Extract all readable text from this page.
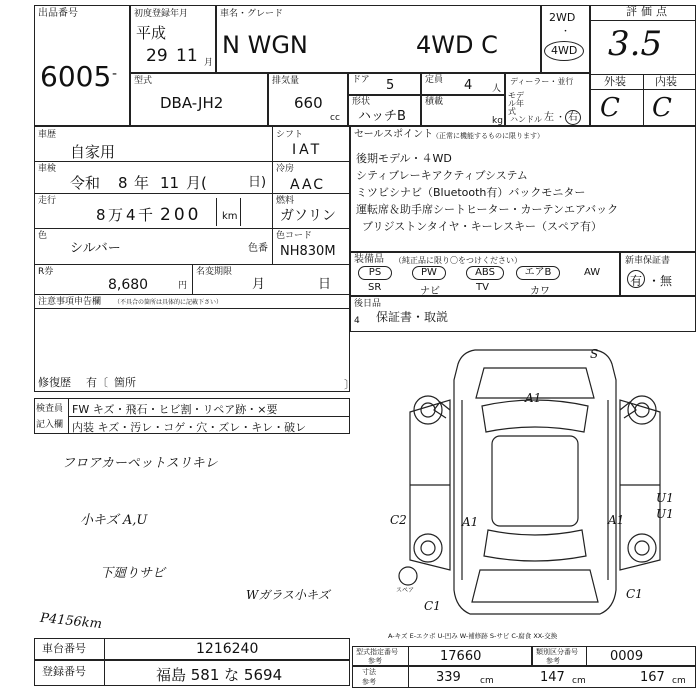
出品番号
6005 -
初度登録年月
平成
29 11 月
車名・グレード
N WGN	4WD C
2WD
・
4WD
評価点
3.5
外装	内装
C C
型式
DBA-JH2
排気量
660
cc
ドア 5	定員 4 人
ディーラー・並行
モデル年式
ハンドル 左 ・ 右
形状
ハッチB
積載
kg
車歴
自家用
シフト
IAT
車検
令和 8 年 11 月(	日)
冷房
AAC
走行
8 万 4 千 200 km
燃料
ガソリン
色
シルバー	色番
色コード
NH830M
R券
8,680	円
名変期限
月	日
注意事項申告欄 （不具合の箇所は具体的に記載下さい）
修復歴 有〔 箇所	〕
セールスポイント
（正常に機能するものに限ります）
後期モデル・４WD
シティブレーキアクティブシステム
ミツビシナビ（Bluetooth有）バックモニター
運転席＆助手席シートヒーター・カーテンエアバック
ブリジストンタイヤ・キーレスキー（スペア有）
装備品 （純正品に限り〇をつけください）
PS	PW	ABS	エアB	AW
SR	ナビ	TV	カワ
新車保証書
有 ・ 無
後日品
保証書・取説
4
検査員
記入欄
FW キズ・飛石・ヒビ割・リペア跡・×要
内装 キズ・汚レ・コゲ・穴・ズレ・キレ・破レ
フロアカーペットスリキレ
小キズ A,U
下廻りサビ
Wガラス小キズ
P4156km
A1
A1	A1
U1
C2
C1
C1
U1
S
スペア
A-キズ E-エクボ U-凹み W-補修跡 S-サビ C-腐食 XX-交換
車台番号	1216240
登録番号	福島 581 な 5694
型式指定番号
参考	17660	類別区分番号
参考	0009
寸法
参考	339 cm	147 cm	167 cm
